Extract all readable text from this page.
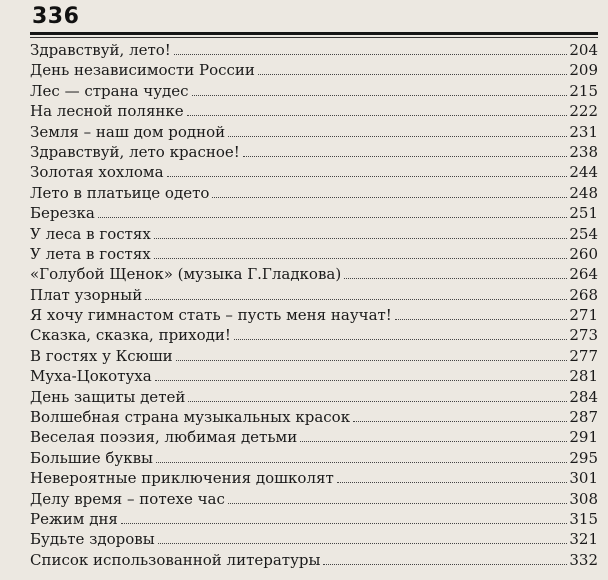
336
Здравствуй, лето!	204
День независимости России	209
Лес — страна чудес	215
На лесной полянке	222
Земля – наш дом родной	231
Здравствуй, лето красное!	238
Золотая хохлома	244
Лето в платьице одето	248
Березка	251
У леса в гостях	254
У лета в гостях	260
«Голубой Щенок» (музыка Г.Гладкова)	264
Плат узорный	268
Я хочу гимнастом стать – пусть меня научат!	271
Сказка, сказка, приходи!	273
В гостях у Ксюши	277
Муха-Цокотуха	281
День защиты детей	284
Волшебная страна музыкальных красок	287
Веселая поэзия, любимая детьми	291
Большие буквы	295
Невероятные приключения дошколят	301
Делу время – потехе час	308
Режим дня	315
Будьте здоровы	321
Список использованной литературы	332
